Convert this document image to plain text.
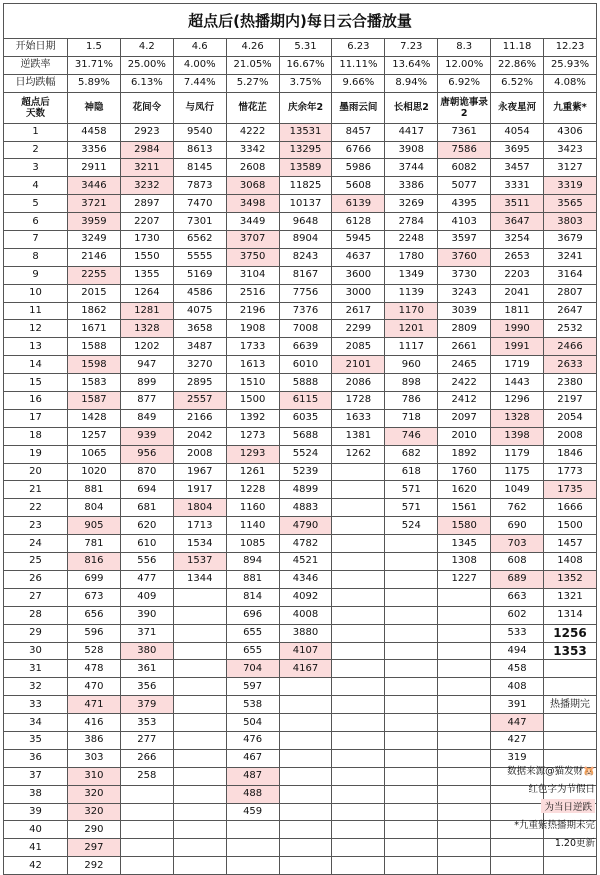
超点后(热播期内)每日云合播放量
开始日期	1.5	4.2	4.6	4.26	5.31	6.23	7.23	8.3	11.18	12.23
逆跌率	31.71%	25.00%	4.00%	21.05%	16.67%	11.11%	13.64%	12.00%	22.86%	25.93%
日均跌幅	5.89%	6.13%	7.44%	5.27%	3.75%	9.66%	8.94%	6.92%	6.52%	4.08%
超点后
天数	神隐	花间令	与凤行	惜花芷	庆余年2	墨雨云间	长相思2	唐朝诡事录2	永夜星河	九重紫*
1	4458	2923	9540	4222	13531	8457	4417	7361	4054	4306
2	3356	2984	8613	3342	13295	6766	3908	7586	3695	3423
3	2911	3211	8145	2608	13589	5986	3744	6082	3457	3127
4	3446	3232	7873	3068	11825	5608	3386	5077	3331	3319
5	3721	2897	7470	3498	10137	6139	3269	4395	3511	3565
6	3959	2207	7301	3449	9648	6128	2784	4103	3647	3803
7	3249	1730	6562	3707	8904	5945	2248	3597	3254	3679
8	2146	1550	5555	3750	8243	4637	1780	3760	2653	3241
9	2255	1355	5169	3104	8167	3600	1349	3730	2203	3164
10	2015	1264	4586	2516	7756	3000	1139	3243	2041	2807
11	1862	1281	4075	2196	7376	2617	1170	3039	1811	2647
12	1671	1328	3658	1908	7008	2299	1201	2809	1990	2532
13	1588	1202	3487	1733	6639	2085	1117	2661	1991	2466
14	1598	947	3270	1613	6010	2101	960	2465	1719	2633
15	1583	899	2895	1510	5888	2086	898	2422	1443	2380
16	1587	877	2557	1500	6115	1728	786	2412	1296	2197
17	1428	849	2166	1392	6035	1633	718	2097	1328	2054
18	1257	939	2042	1273	5688	1381	746	2010	1398	2008
19	1065	956	2008	1293	5524	1262	682	1892	1179	1846
20	1020	870	1967	1261	5239		618	1760	1175	1773
21	881	694	1917	1228	4899		571	1620	1049	1735
22	804	681	1804	1160	4883		571	1561	762	1666
23	905	620	1713	1140	4790		524	1580	690	1500
24	781	610	1534	1085	4782			1345	703	1457
25	816	556	1537	894	4521			1308	608	1408
26	699	477	1344	881	4346			1227	689	1352
27	673	409		814	4092				663	1321
28	656	390		696	4008				602	1314
29	596	371		655	3880				533	1256
30	528	380		655	4107				494	1353
31	478	361		704	4167				458	
32	470	356		597					408	
33	471	379		538					391	热播期完
34	416	353		504					447	
35	386	277		476					427	
36	303	266		467					319	
37	310	258		487						
38	320			488						
39	320			459						
40	290									
41	297									
42	292									
数据来源@猫发财🐹
红色字为节假日
为当日逆跌
*九重紫热播期未完
1.20更新
